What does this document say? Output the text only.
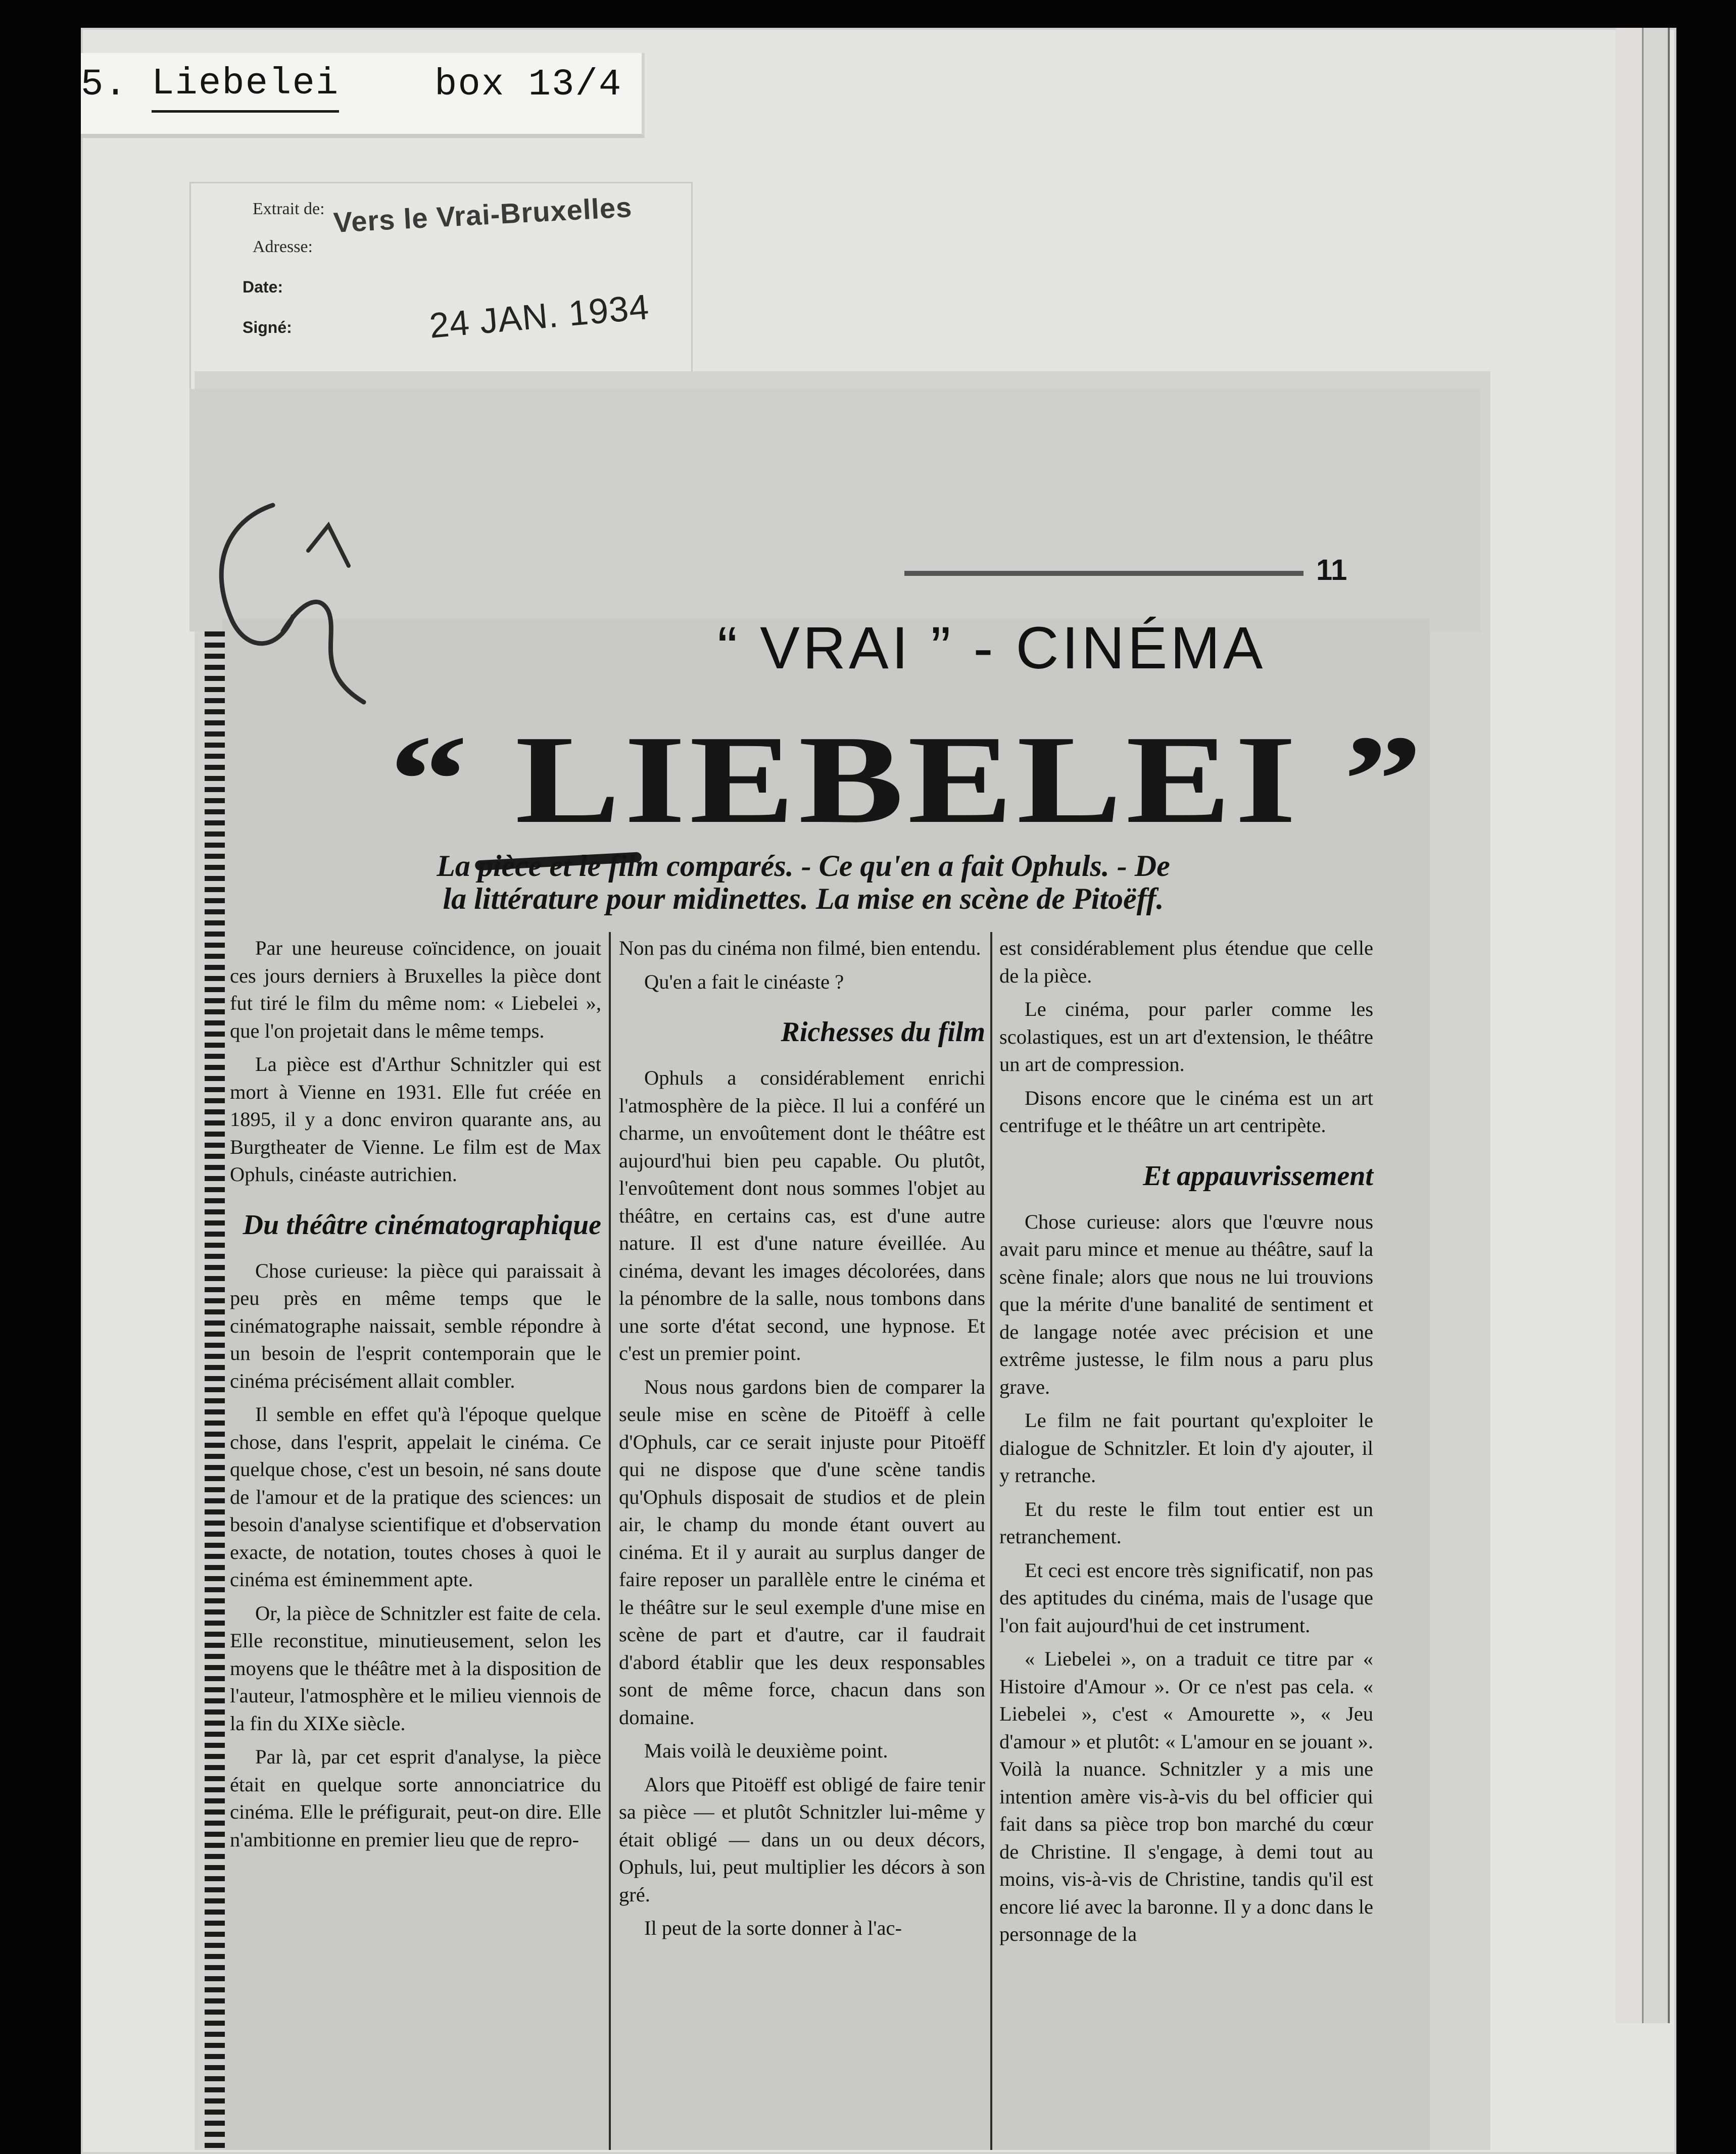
5. Liebelei	box 13/4
Extrait de:
Adresse:
Vers le Vrai-Bruxelles
Date:
Signé:	24 JAN. 1934
11
“ VRAI ” - CINÉMA
“ LIEBELEI ”
La pièce et le film comparés. - Ce qu'en a fait Ophuls. - De
la littérature pour midinettes. La mise en scène de Pitoëff.

Par une heureuse coïncidence, on jouait ces jours derniers à Bruxelles la pièce dont fut tiré le film du même nom: « Liebelei », que l'on projetait dans le même temps.

La pièce est d'Arthur Schnitzler qui est mort à Vienne en 1931. Elle fut créée en 1895, il y a donc environ quarante ans, au Burgtheater de Vienne. Le film est de Max Ophuls, cinéaste autrichien.

Du théâtre cinématographique

Chose curieuse: la pièce qui paraissait à peu près en même temps que le cinématographe naissait, semble répondre à un besoin de l'esprit contemporain que le cinéma précisément allait combler.

Il semble en effet qu'à l'époque quelque chose, dans l'esprit, appelait le cinéma. Ce quelque chose, c'est un besoin, né sans doute de l'amour et de la pratique des sciences: un besoin d'analyse scientifique et d'observation exacte, de notation, toutes choses à quoi le cinéma est éminemment apte.

Or, la pièce de Schnitzler est faite de cela. Elle reconstitue, minutieusement, selon les moyens que le théâtre met à la disposition de l'auteur, l'atmosphère et le milieu viennois de la fin du XIXe siècle.

Par là, par cet esprit d'analyse, la pièce était en quelque sorte annonciatrice du cinéma. Elle le préfigurait, peut-on dire. Elle n'ambitionne en premier lieu que de repro-

Non pas du cinéma non filmé, bien entendu.

Qu'en a fait le cinéaste ?

Richesses du film

Ophuls a considérablement enrichi l'atmosphère de la pièce. Il lui a conféré un charme, un envoûtement dont le théâtre est aujourd'hui bien peu capable. Ou plutôt, l'envoûtement dont nous sommes l'objet au théâtre, en certains cas, est d'une autre nature. Il est d'une nature éveillée. Au cinéma, devant les images décolorées, dans la pénombre de la salle, nous tombons dans une sorte d'état second, une hypnose. Et c'est un premier point.

Nous nous gardons bien de comparer la seule mise en scène de Pitoëff à celle d'Ophuls, car ce serait injuste pour Pitoëff qui ne dispose que d'une scène tandis qu'Ophuls disposait de studios et de plein air, le champ du monde étant ouvert au cinéma. Et il y aurait au surplus danger de faire reposer un parallèle entre le cinéma et le théâtre sur le seul exemple d'une mise en scène de part et d'autre, car il faudrait d'abord établir que les deux responsables sont de même force, chacun dans son domaine.

Mais voilà le deuxième point.

Alors que Pitoëff est obligé de faire tenir sa pièce — et plutôt Schnitzler lui-même y était obligé — dans un ou deux décors, Ophuls, lui, peut multiplier les décors à son gré.

Il peut de la sorte donner à l'ac-

est considérablement plus étendue que celle de la pièce.

Le cinéma, pour parler comme les scolastiques, est un art d'extension, le théâtre un art de compression.

Disons encore que le cinéma est un art centrifuge et le théâtre un art centripète.

Et appauvrissement

Chose curieuse: alors que l'œuvre nous avait paru mince et menue au théâtre, sauf la scène finale; alors que nous ne lui trouvions que la mérite d'une banalité de sentiment et de langage notée avec précision et une extrême justesse, le film nous a paru plus grave.

Le film ne fait pourtant qu'exploiter le dialogue de Schnitzler. Et loin d'y ajouter, il y retranche.

Et du reste le film tout entier est un retranchement.

Et ceci est encore très significatif, non pas des aptitudes du cinéma, mais de l'usage que l'on fait aujourd'hui de cet instrument.

« Liebelei », on a traduit ce titre par « Histoire d'Amour ». Or ce n'est pas cela. « Liebelei », c'est « Amourette », « Jeu d'amour » et plutôt: « L'amour en se jouant ». Voilà la nuance. Schnitzler y a mis une intention amère vis-à-vis du bel officier qui fait dans sa pièce trop bon marché du cœur de Christine. Il s'engage, à demi tout au moins, vis-à-vis de Christine, tandis qu'il est encore lié avec la baronne. Il y a donc dans le personnage de la
